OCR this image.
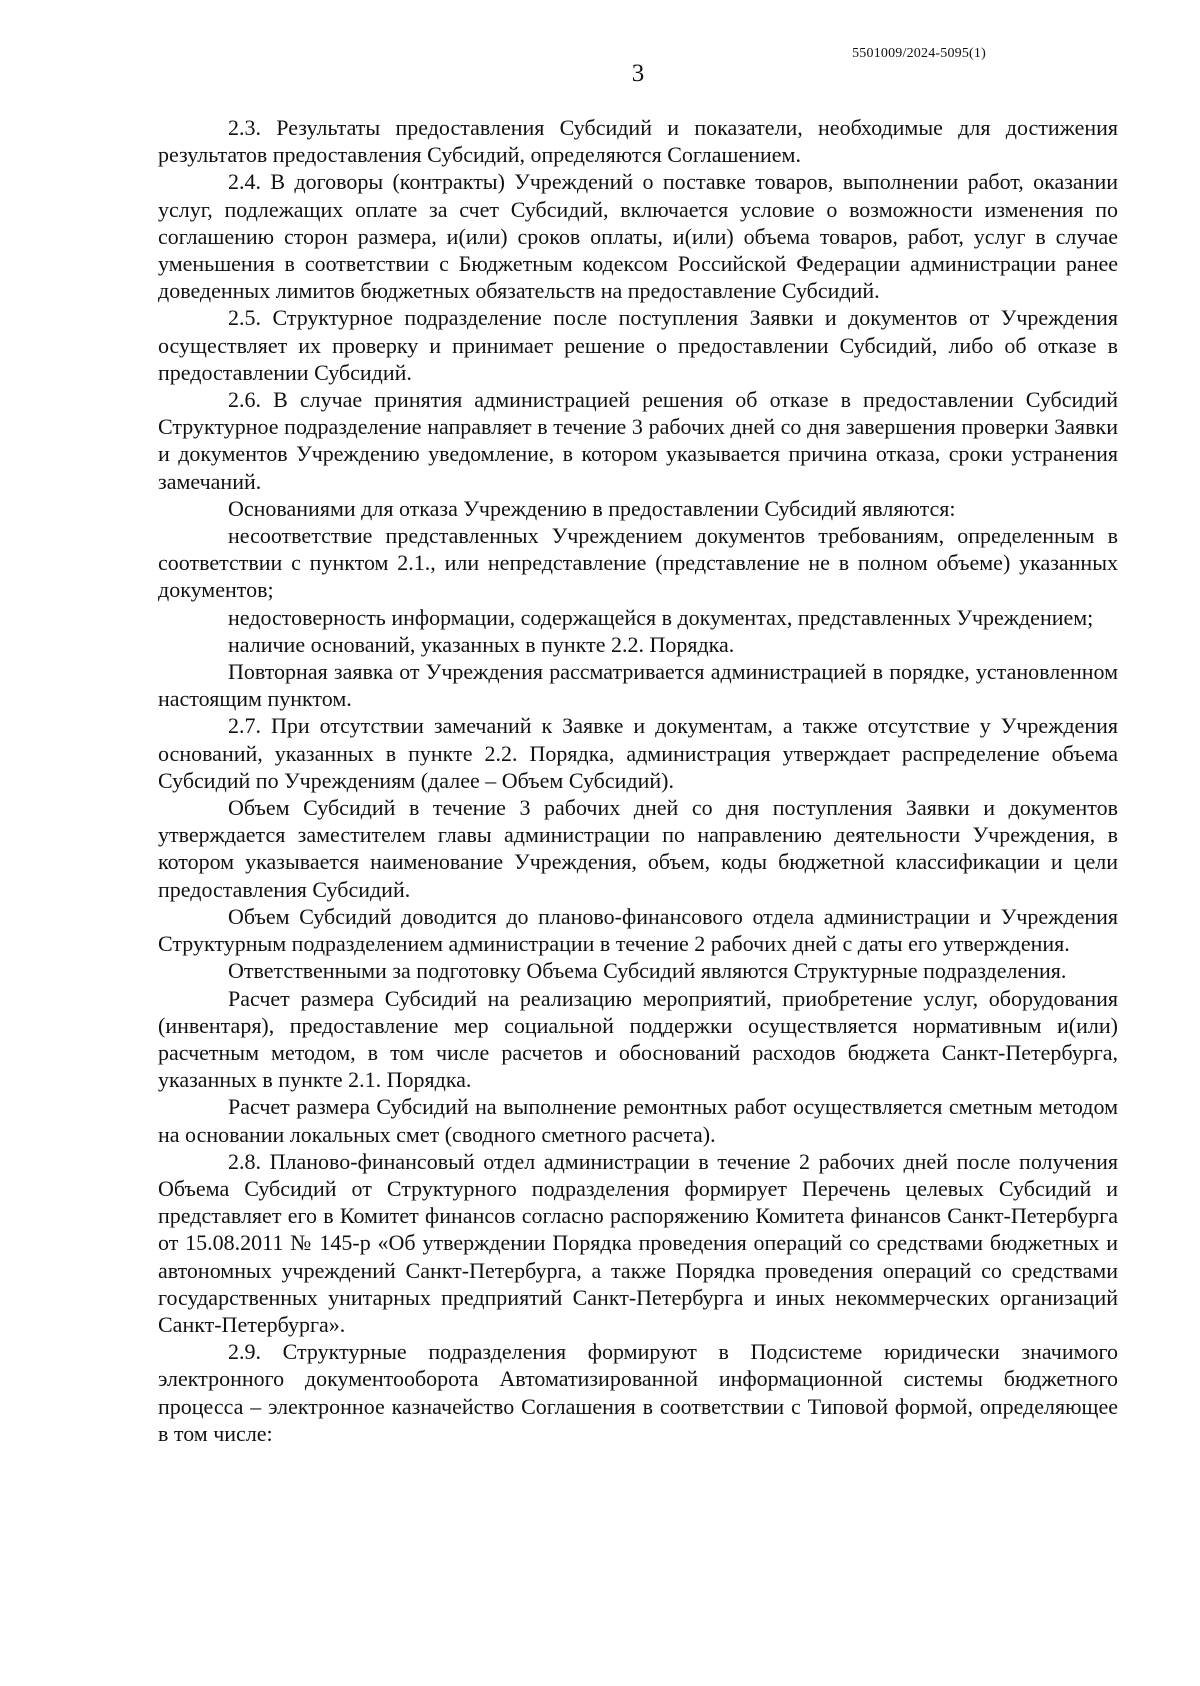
5501009/2024-5095(1)
3

2.3. Результаты предоставления Субсидий и показатели, необходимые для достижения результатов предоставления Субсидий, определяются Соглашением.

2.4. В договоры (контракты) Учреждений о поставке товаров, выполнении работ, оказании услуг, подлежащих оплате за счет Субсидий, включается условие о возможности изменения по соглашению сторон размера, и(или) сроков оплаты, и(или) объема товаров, работ, услуг в случае уменьшения в соответствии с Бюджетным кодексом Российской Федерации администрации ранее доведенных лимитов бюджетных обязательств на предоставление Субсидий.

2.5. Структурное подразделение после поступления Заявки и документов от Учреждения осуществляет их проверку и принимает решение о предоставлении Субсидий, либо об отказе в предоставлении Субсидий.

2.6. В случае принятия администрацией решения об отказе в предоставлении Субсидий Структурное подразделение направляет в течение 3 рабочих дней со дня завершения проверки Заявки и документов Учреждению уведомление, в котором указывается причина отказа, сроки устранения замечаний.

Основаниями для отказа Учреждению в предоставлении Субсидий являются:

несоответствие представленных Учреждением документов требованиям, определенным в соответствии с пунктом 2.1., или непредставление (представление не в полном объеме) указанных документов;

недостоверность информации, содержащейся в документах, представленных Учреждением;

наличие оснований, указанных в пункте 2.2. Порядка.

Повторная заявка от Учреждения рассматривается администрацией в порядке, установленном настоящим пунктом.

2.7. При отсутствии замечаний к Заявке и документам, а также отсутствие у Учреждения оснований, указанных в пункте 2.2. Порядка, администрация утверждает распределение объема Субсидий по Учреждениям (далее – Объем Субсидий).

Объем Субсидий в течение 3 рабочих дней со дня поступления Заявки и документов утверждается заместителем главы администрации по направлению деятельности Учреждения, в котором указывается наименование Учреждения, объем, коды бюджетной классификации и цели предоставления Субсидий.

Объем Субсидий доводится до планово-финансового отдела администрации и Учреждения Структурным подразделением администрации в течение 2 рабочих дней с даты его утверждения.

Ответственными за подготовку Объема Субсидий являются Структурные подразделения.

Расчет размера Субсидий на реализацию мероприятий, приобретение услуг, оборудования (инвентаря), предоставление мер социальной поддержки осуществляется нормативным и(или) расчетным методом, в том числе расчетов и обоснований расходов бюджета Санкт-Петербурга, указанных в пункте 2.1. Порядка.

Расчет размера Субсидий на выполнение ремонтных работ осуществляется сметным методом на основании локальных смет (сводного сметного расчета).

2.8. Планово-финансовый отдел администрации в течение 2 рабочих дней после получения Объема Субсидий от Структурного подразделения формирует Перечень целевых Субсидий и представляет его в Комитет финансов согласно распоряжению Комитета финансов Санкт-Петербурга от 15.08.2011 № 145-р «Об утверждении Порядка проведения операций со средствами бюджетных и автономных учреждений Санкт-Петербурга, а также Порядка проведения операций со средствами государственных унитарных предприятий Санкт-Петербурга и иных некоммерческих организаций Санкт-Петербурга».

2.9. Структурные подразделения формируют в Подсистеме юридически значимого электронного документооборота Автоматизированной информационной системы бюджетного процесса – электронное казначейство Соглашения в соответствии с Типовой формой, определяющее в том числе:
